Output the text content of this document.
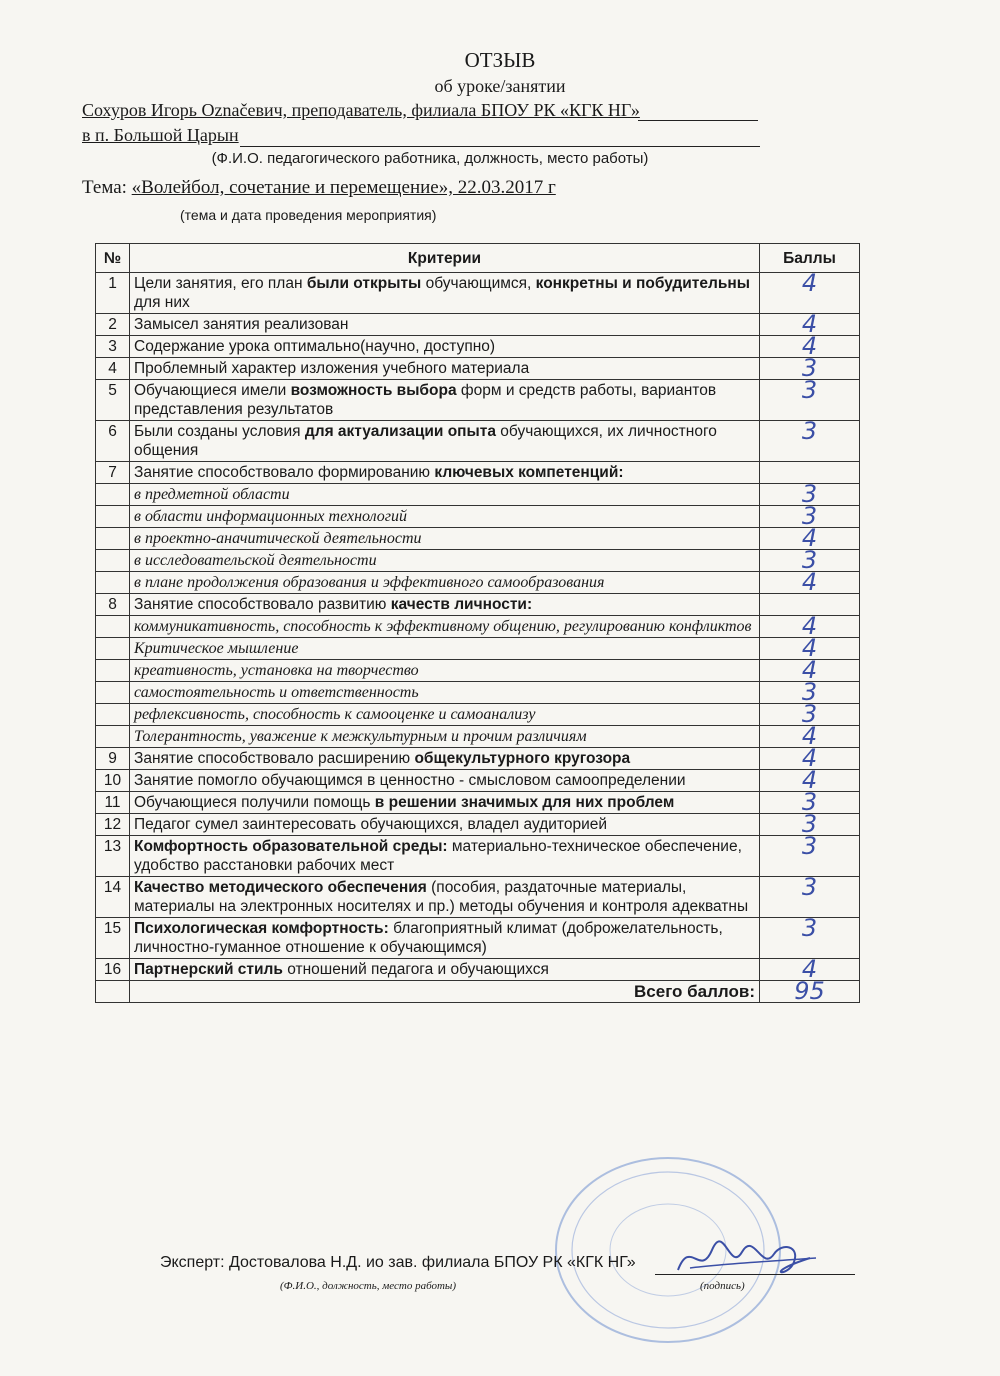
ОТЗЫВ
об уроке/занятии
Сохуров Игорь Označевич, преподаватель, филиала БПОУ РК «КГК НГ»
в п. Большой Царын
(Ф.И.О. педагогического работника, должность, место работы)
Тема: «Волейбол, сочетание и перемещение», 22.03.2017 г
(тема и дата проведения мероприятия)
№	Критерии	Баллы
1	Цели занятия, его план были открыты обучающимся, конкретны и побудительны для них	4
2	Замысел занятия реализован	4
3	Содержание урока оптимально(научно, доступно)	4
4	Проблемный характер изложения учебного материала	3
5	Обучающиеся имели возможность выбора форм и средств работы, вариантов представления результатов	3
6	Были созданы условия для актуализации опыта обучающихся, их личностного общения	3
7	Занятие способствовало формированию ключевых компетенций:	
	в предметной области	3
	в области информационных технологий	3
	в проектно-аначитической деятельности	4
	в исследовательской деятельности	3
	в плане продолжения образования и эффективного самообразования	4
8	Занятие способствовало развитию качеств личности:	
	коммуникативность, способность к эффективному общению, регулированию конфликтов	4
	Критическое мышление	4
	креативность, установка на творчество	4
	самостоятельность и ответственность	3
	рефлексивность, способность к самооценке и самоанализу	3
	Толерантность, уважение к межкультурным и прочим различиям	4
9	Занятие способствовало расширению общекультурного кругозора	4
10	Занятие помогло обучающимся в ценностно - смысловом самоопределении	4
11	Обучающиеся получили помощь в решении значимых для них проблем	3
12	Педагог сумел заинтересовать обучающихся, владел аудиторией	3
13	Комфортность образовательной среды: материально-техническое обеспечение, удобство расстановки рабочих мест	3
14	Качество методического обеспечения (пособия, раздаточные материалы, материалы на электронных носителях и пр.) методы обучения и контроля адекватны	3
15	Психологическая комфортность: благоприятный климат (доброжелательность, личностно-гуманное отношение к обучающимся)	3
16	Партнерский стиль отношений педагога и обучающихся	4
	Всего баллов:	95
Эксперт: Достовалова Н.Д. ио зав. филиала БПОУ РК «КГК НГ»
(Ф.И.О., должность, место работы)	(подпись)
